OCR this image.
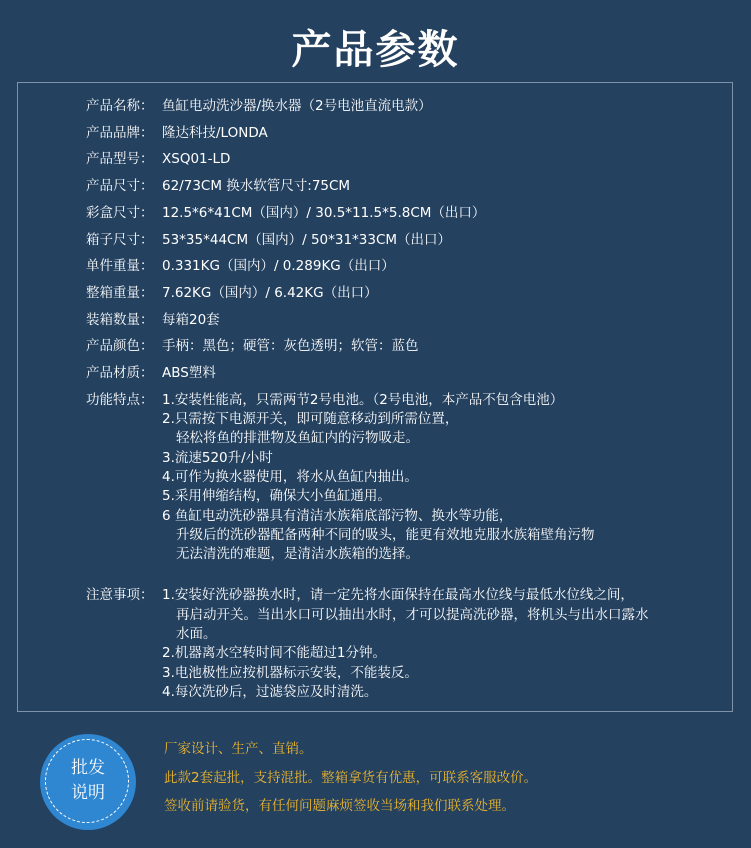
产品参数
产品名称： 鱼缸电动洗沙器/换水器（2号电池直流电款）
产品品牌： 隆达科技/LONDA
产品型号： XSQ01-LD
产品尺寸： 62/73CM 换水软管尺寸:75CM
彩盒尺寸： 12.5*6*41CM（国内）/ 30.5*11.5*5.8CM（出口）
箱子尺寸： 53*35*44CM（国内）/ 50*31*33CM（出口）
单件重量： 0.331KG（国内）/ 0.289KG（出口）
整箱重量： 7.62KG（国内）/ 6.42KG（出口）
装箱数量： 每箱20套
产品颜色： 手柄：黑色；硬管：灰色透明；软管：蓝色
产品材质： ABS塑料
功能特点： 1.安装性能高，只需两节2号电池。（2号电池，本产品不包含电池）
2.只需按下电源开关，即可随意移动到所需位置，
轻松将鱼的排泄物及鱼缸内的污物吸走。
3.流速520升/小时
4.可作为换水器使用，将水从鱼缸内抽出。
5.采用伸缩结构，确保大小鱼缸通用。
6 鱼缸电动洗砂器具有清洁水族箱底部污物、换水等功能，
升级后的洗砂器配备两种不同的吸头，能更有效地克服水族箱壁角污物
无法清洗的难题，是清洁水族箱的选择。
注意事项： 1.安装好洗砂器换水时，请一定先将水面保持在最高水位线与最低水位线之间，
再启动开关。当出水口可以抽出水时，才可以提高洗砂器，将机头与出水口露水
水面。
2.机器离水空转时间不能超过1分钟。
3.电池极性应按机器标示安装，不能装反。
4.每次洗砂后，过滤袋应及时清洗。
批发
说明
厂家设计、生产、直销。
此款2套起批，支持混批。整箱拿货有优惠，可联系客服改价。
签收前请验货，有任何问题麻烦签收当场和我们联系处理。
